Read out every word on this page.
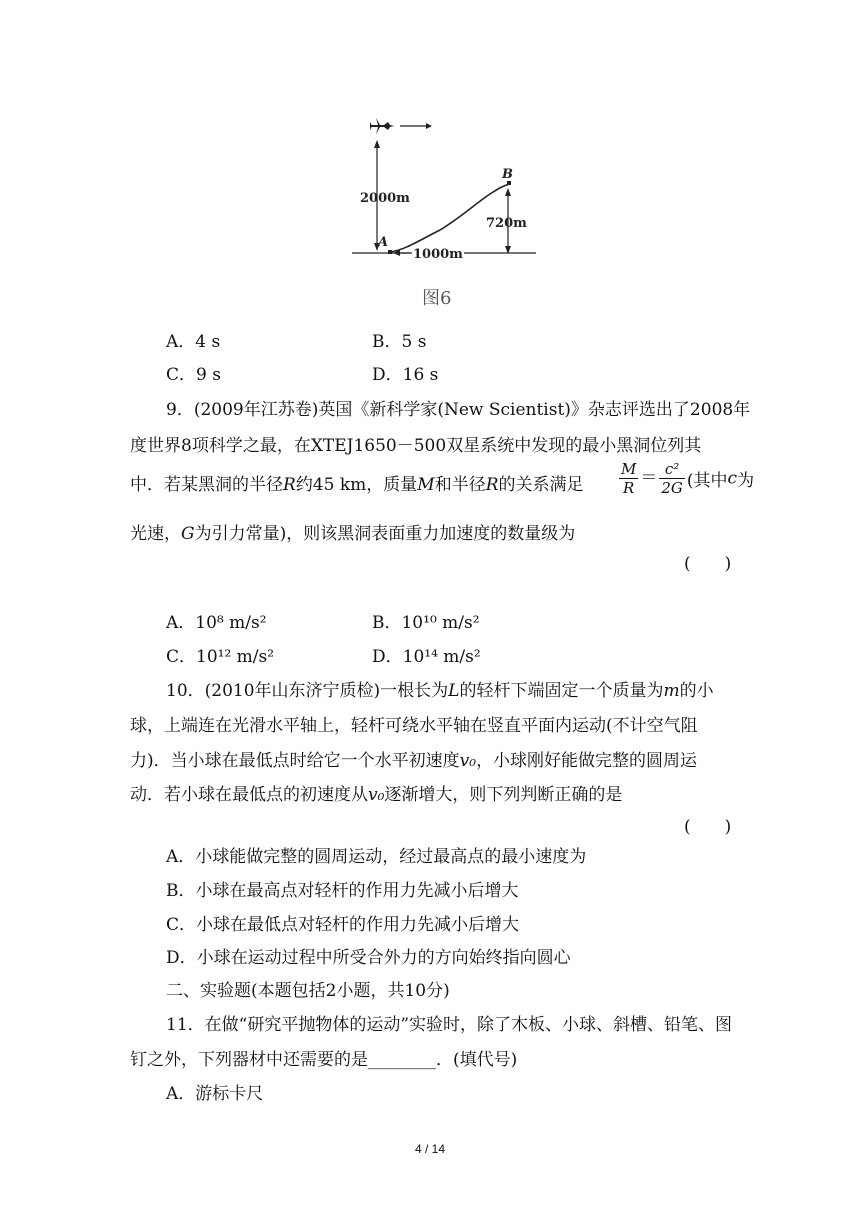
2000m
B
720m
A
1000m
图6
A．4 s	B．5 s
C．9 s	D．16 s
9．(2009年江苏卷)英国《新科学家(New Scientist)》杂志评选出了2008年
度世界8项科学之最，在XTEJ1650－500双星系统中发现的最小黑洞位列其
中．若某黑洞的半径R约45 km，质量M和半径R的关系满足 $\frac{M}{R} = \frac{\text{c²}}{2G}$ (其中c为
光速，G为引力常量)，则该黑洞表面重力加速度的数量级为
(　　)
A．10⁸ m/s²	B．10¹⁰ m/s²
C．10¹² m/s²	D．10¹⁴ m/s²
10．(2010年山东济宁质检)一根长为L的轻杆下端固定一个质量为m的小
球，上端连在光滑水平轴上，轻杆可绕水平轴在竖直平面内运动(不计空气阻
力)．当小球在最低点时给它一个水平初速度v₀，小球刚好能做完整的圆周运
动．若小球在最低点的初速度从v₀逐渐增大，则下列判断正确的是
(　　)
A．小球能做完整的圆周运动，经过最高点的最小速度为
B．小球在最高点对轻杆的作用力先减小后增大
C．小球在最低点对轻杆的作用力先减小后增大
D．小球在运动过程中所受合外力的方向始终指向圆心
二、实验题(本题包括2小题，共10分)
11．在做“研究平抛物体的运动”实验时，除了木板、小球、斜槽、铅笔、图
钉之外，下列器材中还需要的是________．(填代号)
A．游标卡尺
4 / 14
